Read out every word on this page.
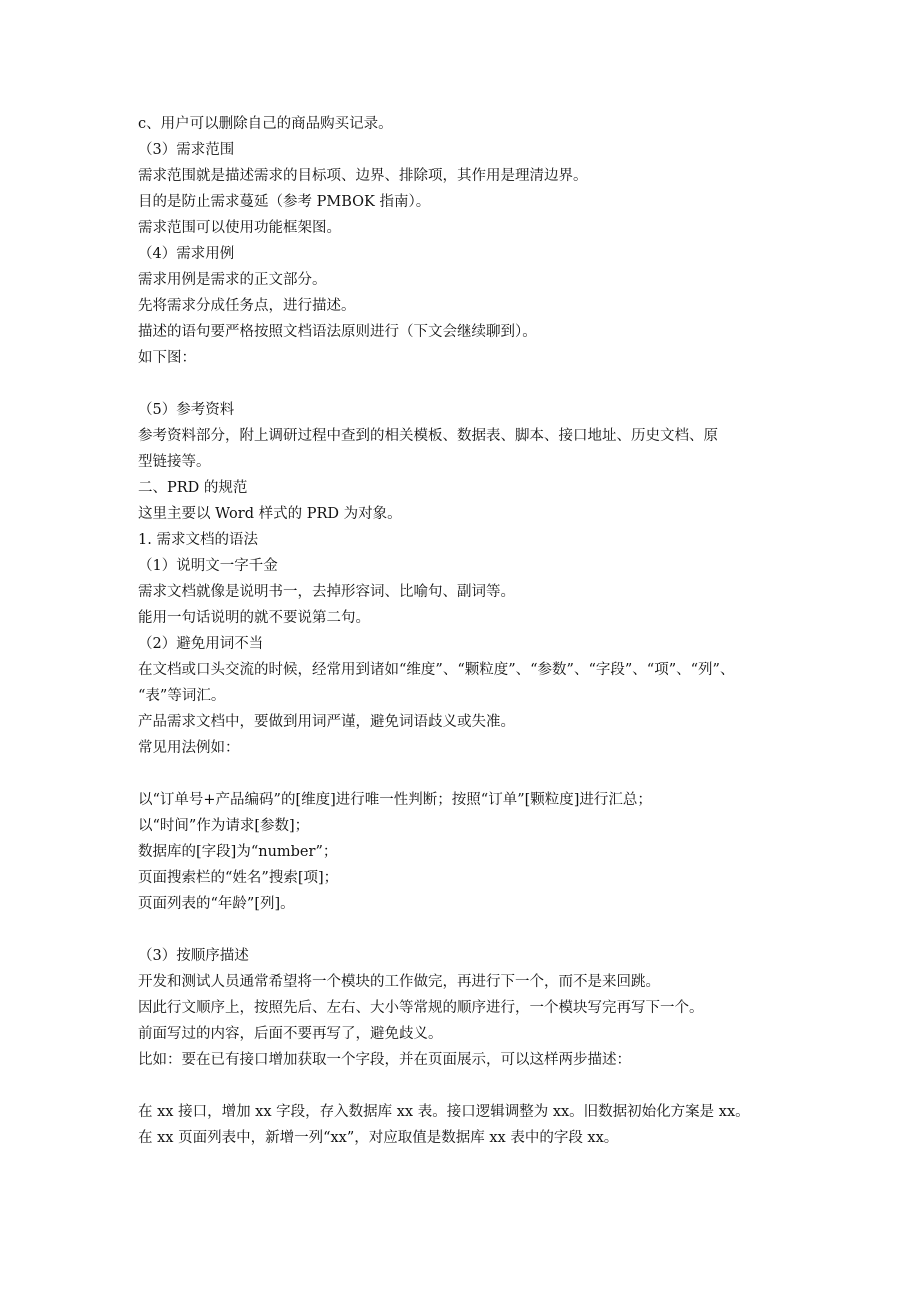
c、用户可以删除自己的商品购买记录。
（3）需求范围
需求范围就是描述需求的目标项、边界、排除项，其作用是理清边界。
目的是防止需求蔓延（参考 PMBOK 指南）。
需求范围可以使用功能框架图。
（4）需求用例
需求用例是需求的正文部分。
先将需求分成任务点，进行描述。
描述的语句要严格按照文档语法原则进行（下文会继续聊到）。
如下图：
（5）参考资料
参考资料部分，附上调研过程中查到的相关模板、数据表、脚本、接口地址、历史文档、原
型链接等。
二、PRD 的规范
这里主要以 Word 样式的 PRD 为对象。
1. 需求文档的语法
（1）说明文一字千金
需求文档就像是说明书一，去掉形容词、比喻句、副词等。
能用一句话说明的就不要说第二句。
（2）避免用词不当
在文档或口头交流的时候，经常用到诸如“维度”、“颗粒度”、“参数”、“字段”、“项”、“列”、
“表”等词汇。
产品需求文档中，要做到用词严谨，避免词语歧义或失准。
常见用法例如：
以“订单号+产品编码”的[维度]进行唯一性判断；按照“订单”[颗粒度]进行汇总；
以“时间”作为请求[参数]；
数据库的[字段]为“number”；
页面搜索栏的“姓名”搜索[项]；
页面列表的“年龄”[列]。
（3）按顺序描述
开发和测试人员通常希望将一个模块的工作做完，再进行下一个，而不是来回跳。
因此行文顺序上，按照先后、左右、大小等常规的顺序进行，一个模块写完再写下一个。
前面写过的内容，后面不要再写了，避免歧义。
比如：要在已有接口增加获取一个字段，并在页面展示，可以这样两步描述：
在 xx 接口，增加 xx 字段，存入数据库 xx 表。接口逻辑调整为 xx。旧数据初始化方案是 xx。
在 xx 页面列表中，新增一列“xx”，对应取值是数据库 xx 表中的字段 xx。
